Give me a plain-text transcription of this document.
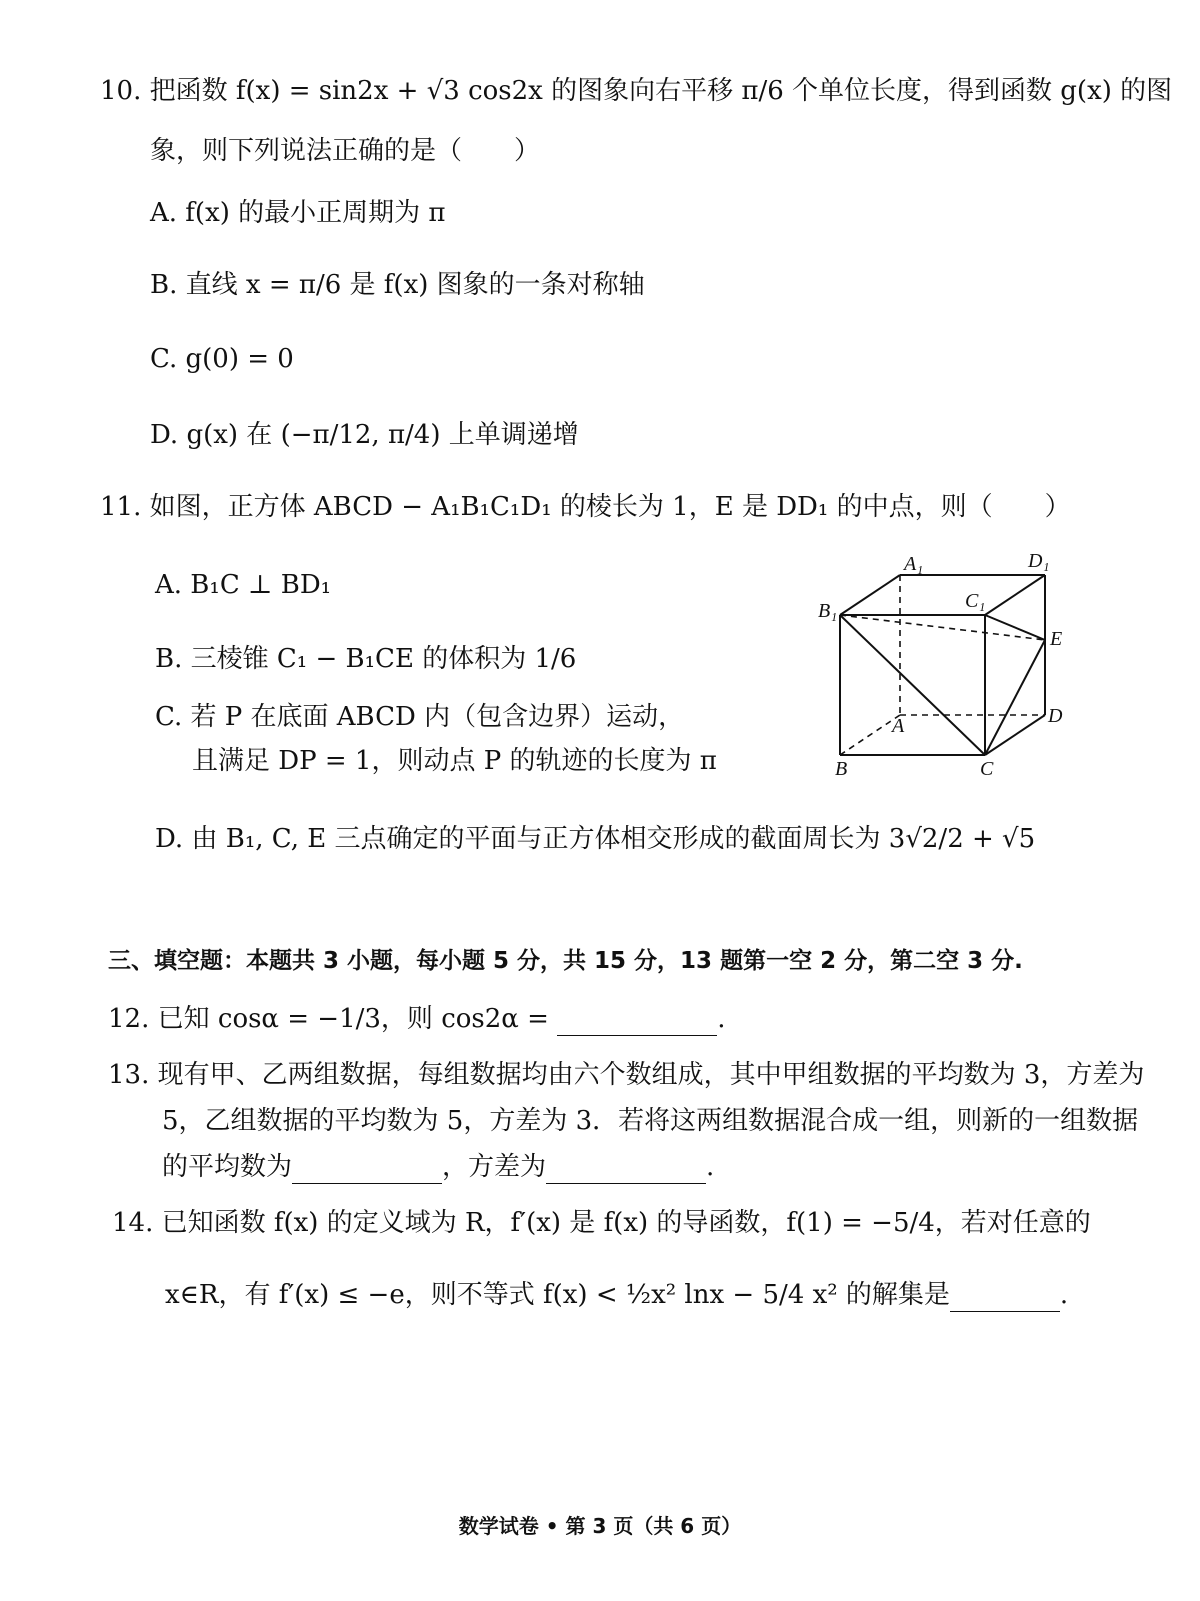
10. 把函数 f(x) = sin2x + √3 cos2x 的图象向右平移 π/6 个单位长度，得到函数 g(x) 的图
象，则下列说法正确的是（　　）
A. f(x) 的最小正周期为 π
B. 直线 x = π/6 是 f(x) 图象的一条对称轴
C. g(0) = 0
D. g(x) 在 (−π/12, π/4) 上单调递增
11. 如图，正方体 ABCD − A₁B₁C₁D₁ 的棱长为 1，E 是 DD₁ 的中点，则（　　）
A. B₁C ⊥ BD₁
B. 三棱锥 C₁ − B₁CE 的体积为 1/6
C. 若 P 在底面 ABCD 内（包含边界）运动，
且满足 DP = 1，则动点 P 的轨迹的长度为 π
D. 由 B₁, C, E 三点确定的平面与正方体相交形成的截面周长为 3√2/2 + √5
A₁	D₁
B₁	C₁
E
A	D
B	C
三、填空题：本题共 3 小题，每小题 5 分，共 15 分，13 题第一空 2 分，第二空 3 分.
12. 已知 cosα = −1/3，则 cos2α =	.
13. 现有甲、乙两组数据，每组数据均由六个数组成，其中甲组数据的平均数为 3，方差为
5，乙组数据的平均数为 5，方差为 3．若将这两组数据混合成一组，则新的一组数据
的平均数为	，方差为	.
14. 已知函数 f(x) 的定义域为 R，f′(x) 是 f(x) 的导函数，f(1) = −5/4，若对任意的
x∈R，有 f′(x) ≤ −e，则不等式 f(x) < ½x² lnx − 5/4 x² 的解集是	.
数学试卷 • 第 3 页（共 6 页）
